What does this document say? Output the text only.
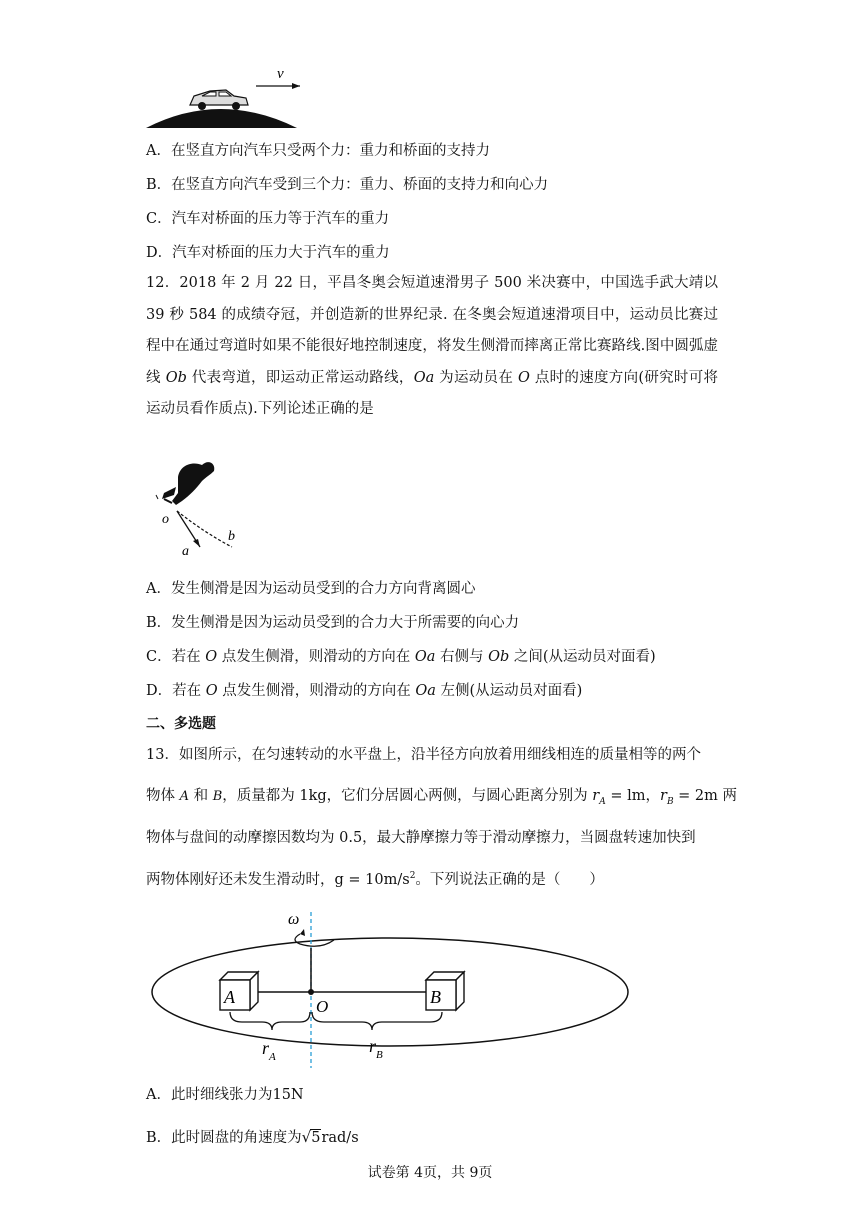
v
A．在竖直方向汽车只受两个力：重力和桥面的支持力
B．在竖直方向汽车受到三个力：重力、桥面的支持力和向心力
C．汽车对桥面的压力等于汽车的重力
D．汽车对桥面的压力大于汽车的重力
12．2018 年 2 月 22 日，平昌冬奥会短道速滑男子 500 米决赛中，中国选手武大靖以 39 秒 584 的成绩夺冠，并创造新的世界纪录. 在冬奥会短道速滑项目中，运动员比赛过程中在通过弯道时如果不能很好地控制速度，将发生侧滑而摔离正常比赛路线.图中圆弧虚线 Ob 代表弯道，即运动正常运动路线，Oa 为运动员在 O 点时的速度方向(研究时可将运动员看作质点).下列论述正确的是
o
a
b
A．发生侧滑是因为运动员受到的合力方向背离圆心
B．发生侧滑是因为运动员受到的合力大于所需要的向心力
C．若在 O 点发生侧滑，则滑动的方向在 Oa 右侧与 Ob 之间(从运动员对面看)
D．若在 O 点发生侧滑，则滑动的方向在 Oa 左侧(从运动员对面看)
二、多选题
13．如图所示，在匀速转动的水平盘上，沿半径方向放着用细线相连的质量相等的两个
物体 A 和 B，质量都为 1kg，它们分居圆心两侧，与圆心距离分别为 $r_A$ = lm，$r_B = 2m$ 两
物体与盘间的动摩擦因数均为 0.5，最大静摩擦力等于滑动摩擦力，当圆盘转速加快到
两物体刚好还未发生滑动时，$g = 10m/s^2$。下列说法正确的是（　　）
ω
A	B
O
$r_A$
$r_B$
A．此时细线张力为15N
B．此时圆盘的角速度为√5rad/s
试卷第 4页，共 9页
